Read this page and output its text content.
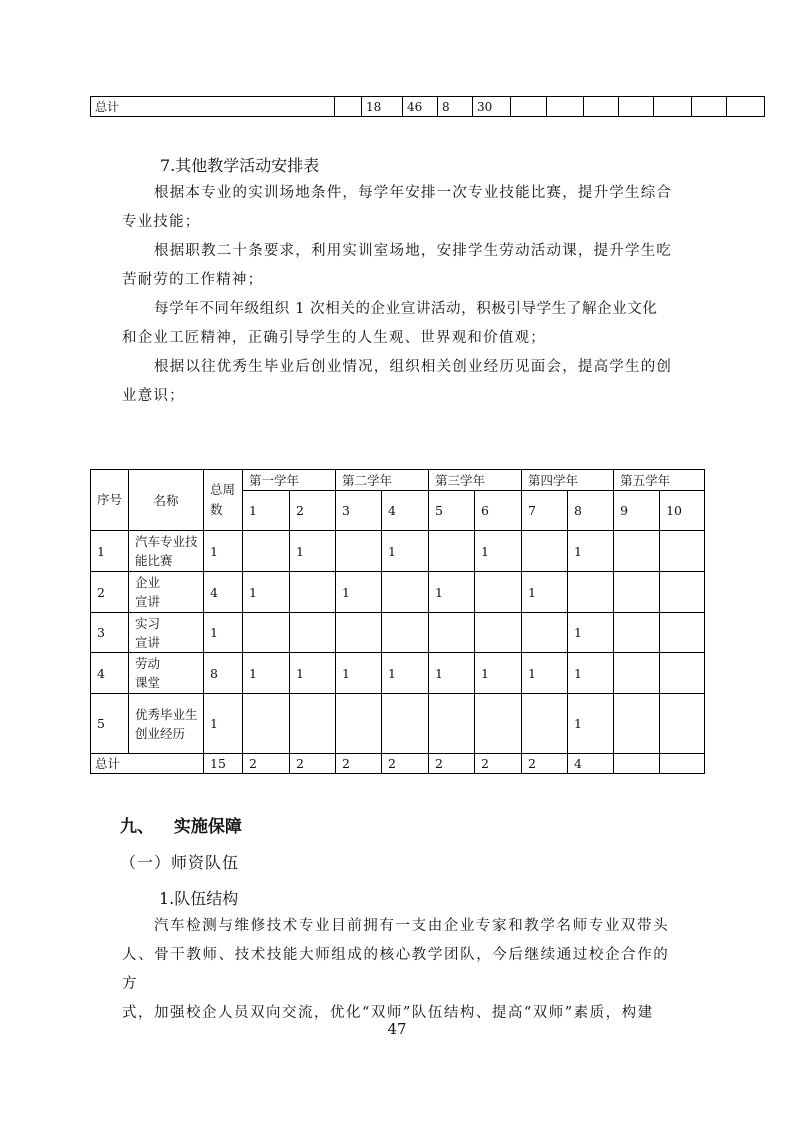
总计		18	46	8	30							
7.其他教学活动安排表

根据本专业的实训场地条件，每学年安排一次专业技能比赛，提升学生综合

专业技能；

根据职教二十条要求，利用实训室场地，安排学生劳动活动课，提升学生吃

苦耐劳的工作精神；

每学年不同年级组织 1 次相关的企业宣讲活动，积极引导学生了解企业文化

和企业工匠精神，正确引导学生的人生观、世界观和价值观；

根据以往优秀生毕业后创业情况，组织相关创业经历见面会，提高学生的创

业意识；

序号	名称	总周数	第一学年		第二学年		第三学年		第四学年		第五学年	
			1	2	3	4	5	6	7	8	9	10
1	汽车专业技能比赛	1		1		1		1		1		
2	企业宣讲	4	1		1		1		1			
3	实习宣讲	1								1		
4	劳动课堂	8	1	1	1	1	1	1	1	1		
5	优秀毕业生创业经历	1								1		
总计		15	2	2	2	2	2	2	2	4		
九、 实施保障
（一）师资队伍
1.队伍结构

汽车检测与维修技术专业目前拥有一支由企业专家和教学名师专业双带头

人、骨干教师、技术技能大师组成的核心教学团队，今后继续通过校企合作的方

式，加强校企人员双向交流，优化“双师”队伍结构、提高“双师”素质，构建

47
